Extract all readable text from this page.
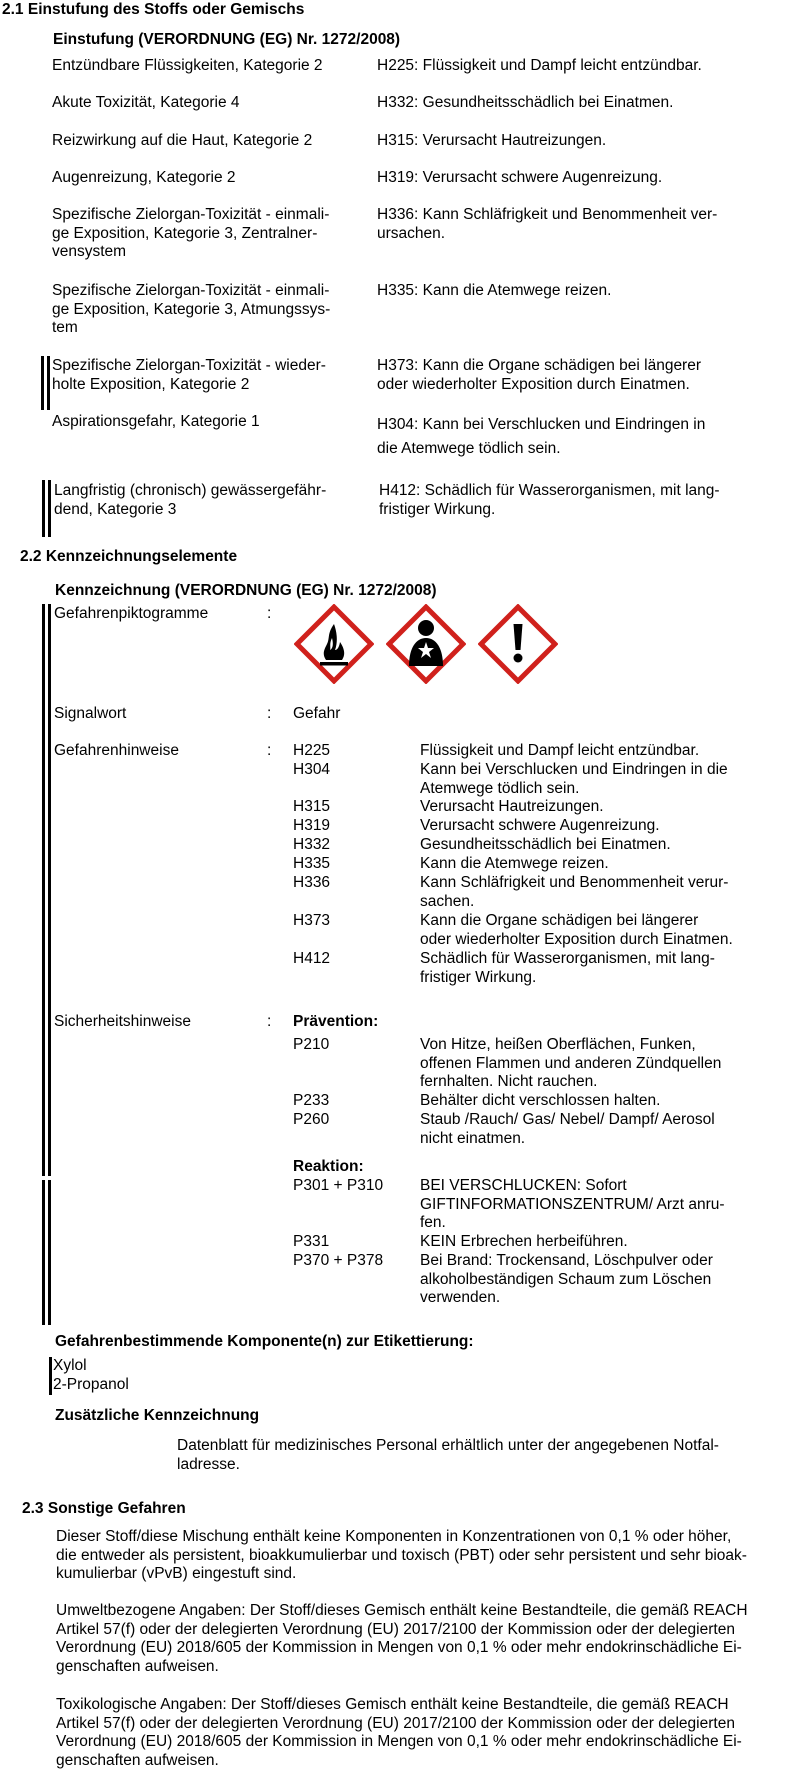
2.1 Einstufung des Stoffs oder Gemischs
Einstufung (VERORDNUNG (EG) Nr. 1272/2008)
Entzündbare Flüssigkeiten, Kategorie 2	H225: Flüssigkeit und Dampf leicht entzündbar.
Akute Toxizität, Kategorie 4	H332: Gesundheitsschädlich bei Einatmen.
Reizwirkung auf die Haut, Kategorie 2	H315: Verursacht Hautreizungen.
Augenreizung, Kategorie 2	H319: Verursacht schwere Augenreizung.
Spezifische Zielorgan-Toxizität - einmali-
ge Exposition, Kategorie 3, Zentralner-
vensystem
H336: Kann Schläfrigkeit und Benommenheit ver-
ursachen.
Spezifische Zielorgan-Toxizität - einmali-
ge Exposition, Kategorie 3, Atmungssys-
tem
H335: Kann die Atemwege reizen.
Spezifische Zielorgan-Toxizität - wieder-
holte Exposition, Kategorie 2
H373: Kann die Organe schädigen bei längerer
oder wiederholter Exposition durch Einatmen.
Aspirationsgefahr, Kategorie 1	H304: Kann bei Verschlucken und Eindringen in
die Atemwege tödlich sein.
Langfristig (chronisch) gewässergefähr-
dend, Kategorie 3
H412: Schädlich für Wasserorganismen, mit lang-
fristiger Wirkung.
2.2 Kennzeichnungselemente
Kennzeichnung (VERORDNUNG (EG) Nr. 1272/2008)
Gefahrenpiktogramme	:
Signalwort	: Gefahr
Gefahrenhinweise	: H225	Flüssigkeit und Dampf leicht entzündbar.
H304	Kann bei Verschlucken und Eindringen in die
Atemwege tödlich sein.
H315	Verursacht Hautreizungen.
H319	Verursacht schwere Augenreizung.
H332	Gesundheitsschädlich bei Einatmen.
H335	Kann die Atemwege reizen.
H336	Kann Schläfrigkeit und Benommenheit verur-
sachen.
H373	Kann die Organe schädigen bei längerer
oder wiederholter Exposition durch Einatmen.
H412	Schädlich für Wasserorganismen, mit lang-
fristiger Wirkung.
Sicherheitshinweise	: Prävention:
P210	Von Hitze, heißen Oberflächen, Funken,
offenen Flammen und anderen Zündquellen
fernhalten. Nicht rauchen.
P233	Behälter dicht verschlossen halten.
P260	Staub /Rauch/ Gas/ Nebel/ Dampf/ Aerosol
nicht einatmen.
Reaktion:
P301 + P310 BEI VERSCHLUCKEN: Sofort
GIFTINFORMATIONSZENTRUM/ Arzt anru-
fen.
P331	KEIN Erbrechen herbeiführen.
P370 + P378 Bei Brand: Trockensand, Löschpulver oder
alkoholbeständigen Schaum zum Löschen
verwenden.
Gefahrenbestimmende Komponente(n) zur Etikettierung:
Xylol
2-Propanol
Zusätzliche Kennzeichnung
Datenblatt für medizinisches Personal erhältlich unter der angegebenen Notfal-
ladresse.
2.3 Sonstige Gefahren
Dieser Stoff/diese Mischung enthält keine Komponenten in Konzentrationen von 0,1 % oder höher,
die entweder als persistent, bioakkumulierbar und toxisch (PBT) oder sehr persistent und sehr bioak-
kumulierbar (vPvB) eingestuft sind.
Umweltbezogene Angaben: Der Stoff/dieses Gemisch enthält keine Bestandteile, die gemäß REACH
Artikel 57(f) oder der delegierten Verordnung (EU) 2017/2100 der Kommission oder der delegierten
Verordnung (EU) 2018/605 der Kommission in Mengen von 0,1 % oder mehr endokrinschädliche Ei-
genschaften aufweisen.
Toxikologische Angaben: Der Stoff/dieses Gemisch enthält keine Bestandteile, die gemäß REACH
Artikel 57(f) oder der delegierten Verordnung (EU) 2017/2100 der Kommission oder der delegierten
Verordnung (EU) 2018/605 der Kommission in Mengen von 0,1 % oder mehr endokrinschädliche Ei-
genschaften aufweisen.
